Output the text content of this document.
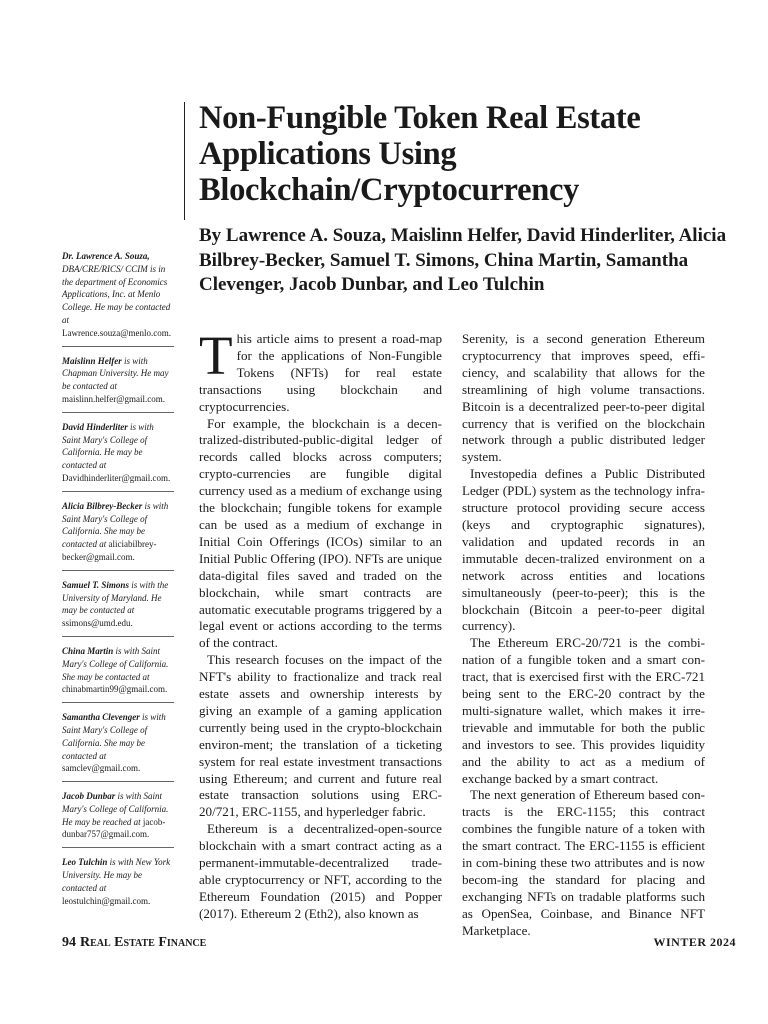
Non-Fungible Token Real Estate Applications Using Blockchain/Cryptocurrency
By Lawrence A. Souza, Maislinn Helfer, David Hinderliter, Alicia Bilbrey-Becker, Samuel T. Simons, China Martin, Samantha Clevenger, Jacob Dunbar, and Leo Tulchin

Dr. Lawrence A. Souza, DBA/CRE/RICS/ CCIM is in the department of Economics Applications, Inc. at Menlo College. He may be contacted at Lawrence.souza@menlo.com.

Maislinn Helfer is with Chapman University. He may be contacted at maislinn.helfer@gmail.com.

David Hinderliter is with Saint Mary's College of California. He may be contacted at Davidhinderliter@gmail.com.

Alicia Bilbrey-Becker is with Saint Mary's College of California. She may be contacted at aliciabilbrey-becker@gmail.com.

Samuel T. Simons is with the University of Maryland. He may be contacted at ssimons@umd.edu.

China Martin is with Saint Mary's College of California. She may be contacted at chinabmartin99@gmail.com.

Samantha Clevenger is with Saint Mary's College of California. She may be contacted at samclev@gmail.com.

Jacob Dunbar is with Saint Mary's College of California. He may be reached at jacob-dunbar757@gmail.com.

Leo Tulchin is with New York University. He may be contacted at leostulchin@gmail.com.

This article aims to present a road-map for the applications of Non-Fungible Tokens (NFTs) for real estate transactions using blockchain and cryptocurrencies.

For example, the blockchain is a decen-tralized-distributed-public-digital ledger of records called blocks across computers; crypto-currencies are fungible digital currency used as a medium of exchange using the blockchain; fungible tokens for example can be used as a medium of exchange in Initial Coin Offerings (ICOs) similar to an Initial Public Offering (IPO). NFTs are unique data-digital files saved and traded on the blockchain, while smart contracts are automatic executable programs triggered by a legal event or actions according to the terms of the contract.

This research focuses on the impact of the NFT's ability to fractionalize and track real estate assets and ownership interests by giving an example of a gaming application currently being used in the crypto-blockchain environ-ment; the translation of a ticketing system for real estate investment transactions using Ethereum; and current and future real estate transaction solutions using ERC-20/721, ERC-1155, and hyperledger fabric.

Ethereum is a decentralized-open-source blockchain with a smart contract acting as a permanent-immutable-decentralized trade-able cryptocurrency or NFT, according to the Ethereum Foundation (2015) and Popper (2017). Ethereum 2 (Eth2), also known as

Serenity, is a second generation Ethereum cryptocurrency that improves speed, effi-ciency, and scalability that allows for the streamlining of high volume transactions. Bitcoin is a decentralized peer-to-peer digital currency that is verified on the blockchain network through a public distributed ledger system.

Investopedia defines a Public Distributed Ledger (PDL) system as the technology infra-structure protocol providing secure access (keys and cryptographic signatures), validation and updated records in an immutable decen-tralized environment on a network across entities and locations simultaneously (peer-to-peer); this is the blockchain (Bitcoin a peer-to-peer digital currency).

The Ethereum ERC-20/721 is the combi-nation of a fungible token and a smart con-tract, that is exercised first with the ERC-721 being sent to the ERC-20 contract by the multi-signature wallet, which makes it irre-trievable and immutable for both the public and investors to see. This provides liquidity and the ability to act as a medium of exchange backed by a smart contract.

The next generation of Ethereum based con-tracts is the ERC-1155; this contract combines the fungible nature of a token with the smart contract. The ERC-1155 is efficient in com-bining these two attributes and is now becom-ing the standard for placing and exchanging NFTs on tradable platforms such as OpenSea, Coinbase, and Binance NFT Marketplace.

94 Real Estate Finance	WINTER 2024
